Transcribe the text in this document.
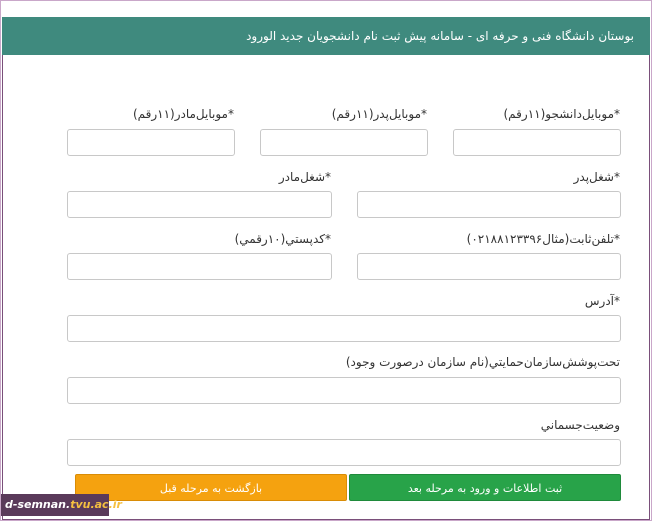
بوستان دانشگاه فنی و حرفه ای - سامانه پیش ثبت نام دانشجویان جدید الورود
*موبایل‌دانشجو(۱۱رقم)
*موبایل‌پدر(۱۱رقم)
*موبایل‌مادر(۱۱رقم)
*شغل‌پدر
*شغل‌مادر
*تلفن‌ثابت(مثال۰۲۱۸۸۱۲۳۳۹۶)
*کدپستي(۱۰رقمي)
*آدرس
تحت‌پوشش‌سازمان‌حمايتي(نام سازمان درصورت وجود)
وضعيت‌جسماني
ثبت اطلاعات و ورود به مرحله بعد
بازگشت به مرحله قبل
d-semnan.tvu.ac.ir
